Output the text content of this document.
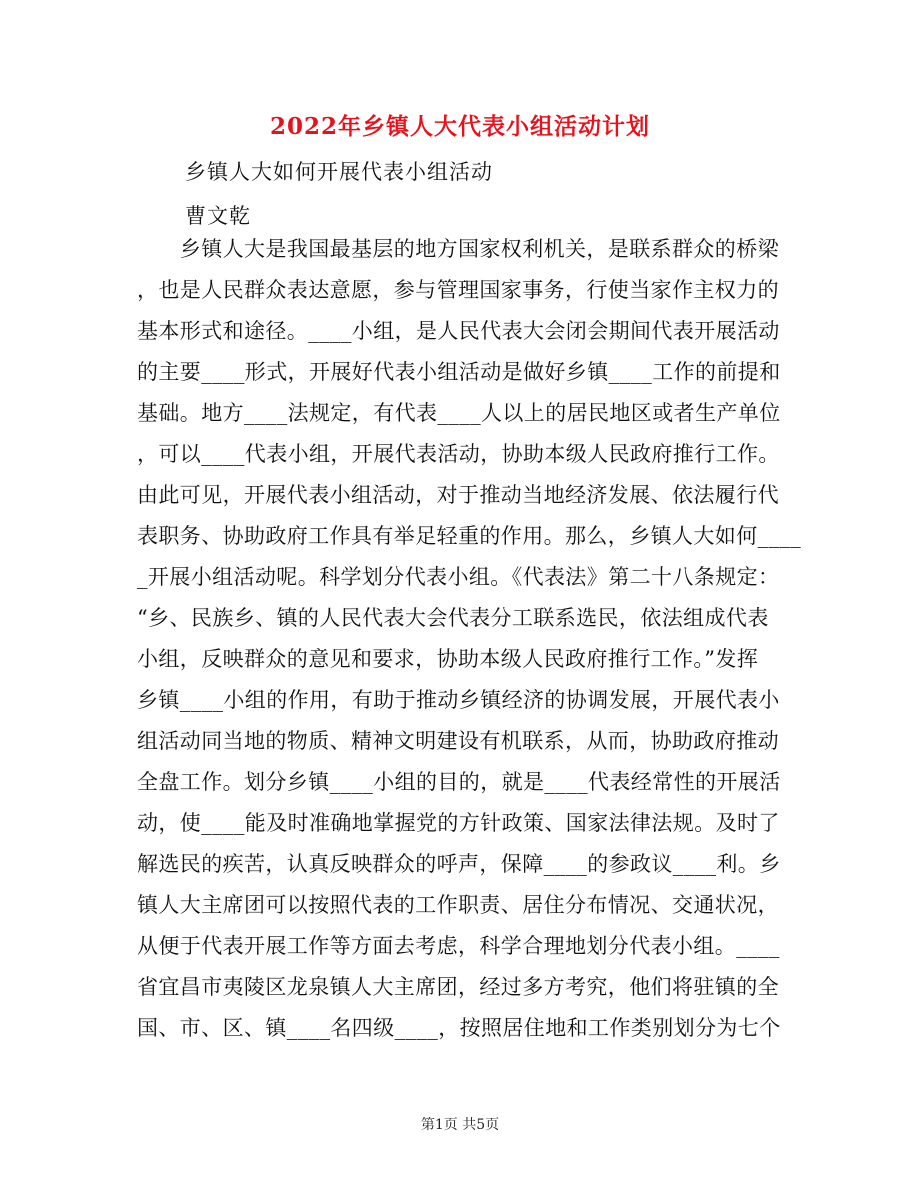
2022年乡镇人大代表小组活动计划
乡镇人大如何开展代表小组活动
曹文乾
　　乡镇人大是我国最基层的地方国家权利机关，是联系群众的桥梁
，也是人民群众表达意愿，参与管理国家事务，行使当家作主权力的
基本形式和途径。____小组，是人民代表大会闭会期间代表开展活动
的主要____形式，开展好代表小组活动是做好乡镇____工作的前提和
基础。地方____法规定，有代表____人以上的居民地区或者生产单位
，可以____代表小组，开展代表活动，协助本级人民政府推行工作。
由此可见，开展代表小组活动，对于推动当地经济发展、依法履行代
表职务、协助政府工作具有举足轻重的作用。那么，乡镇人大如何____
_开展小组活动呢。科学划分代表小组。《代表法》第二十八条规定：
“乡、民族乡、镇的人民代表大会代表分工联系选民，依法组成代表
小组，反映群众的意见和要求，协助本级人民政府推行工作。”发挥
乡镇____小组的作用，有助于推动乡镇经济的协调发展，开展代表小
组活动同当地的物质、精神文明建设有机联系，从而，协助政府推动
全盘工作。划分乡镇____小组的目的，就是____代表经常性的开展活
动，使____能及时准确地掌握党的方针政策、国家法律法规。及时了
解选民的疾苦，认真反映群众的呼声，保障____的参政议____利。乡
镇人大主席团可以按照代表的工作职责、居住分布情况、交通状况，
从便于代表开展工作等方面去考虑，科学合理地划分代表小组。____
省宜昌市夷陵区龙泉镇人大主席团，经过多方考究，他们将驻镇的全
国、市、区、镇____名四级____，按照居住地和工作类别划分为七个
第1页 共5页
